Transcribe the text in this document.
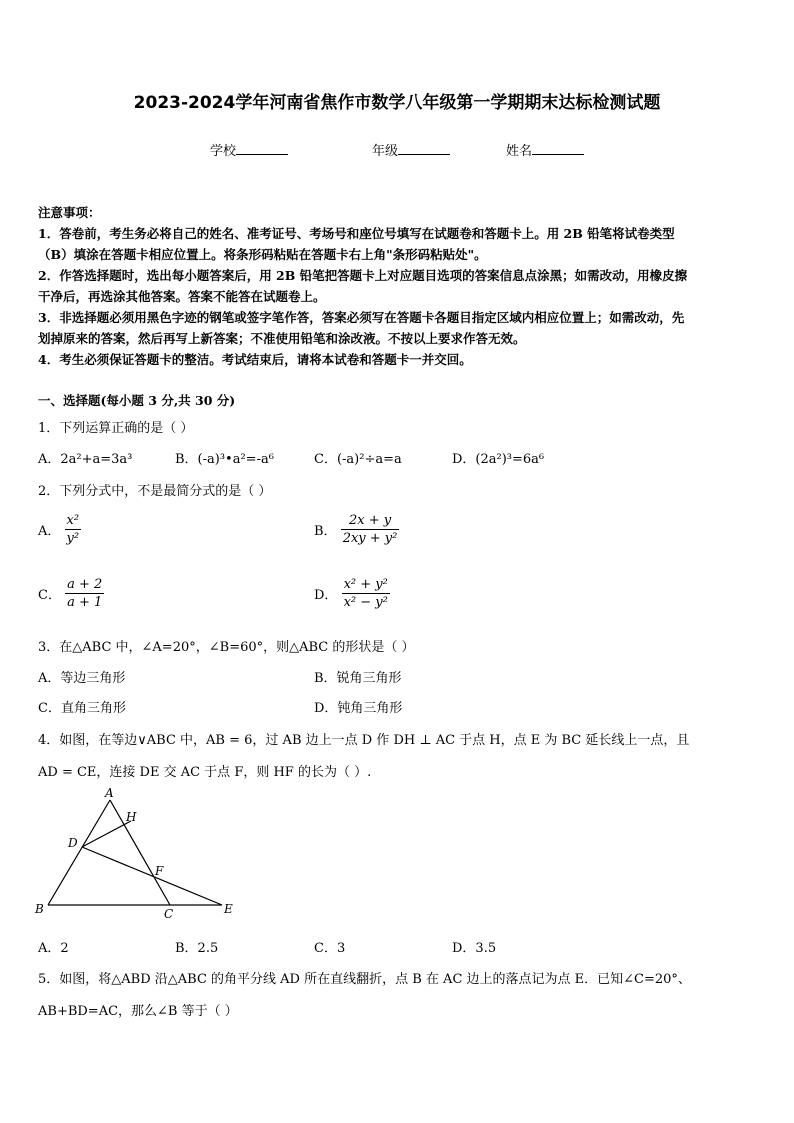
2023-2024学年河南省焦作市数学八年级第一学期期末达标检测试题
学校	年级	姓名
注意事项：
1．答卷前，考生务必将自己的姓名、准考证号、考场号和座位号填写在试题卷和答题卡上。用 2B 铅笔将试卷类型
（B）填涂在答题卡相应位置上。将条形码粘贴在答题卡右上角"条形码粘贴处"。
2．作答选择题时，选出每小题答案后，用 2B 铅笔把答题卡上对应题目选项的答案信息点涂黑；如需改动，用橡皮擦
干净后，再选涂其他答案。答案不能答在试题卷上。
3．非选择题必须用黑色字迹的钢笔或签字笔作答，答案必须写在答题卡各题目指定区域内相应位置上；如需改动，先
划掉原来的答案，然后再写上新答案；不准使用铅笔和涂改液。不按以上要求作答无效。
4．考生必须保证答题卡的整洁。考试结束后，请将本试卷和答题卡一并交回。
一、选择题(每小题 3 分,共 30 分)
1．下列运算正确的是（ ）
A．2a²+a=3a³	B．(-a)³•a²=-a⁶	C．(-a)²÷a=a	D．(2a²)³=6a⁶
2．下列分式中，不是最简分式的是（ ）
A． $\frac{\text{x²}}{\text{y²}}$	B． $\frac{2x + y}{\text{2xy + y²}}$
C． $\frac{a + 2}{a + 1}$	D． $\frac{\text{x² + y²}}{\text{x² − y²}}$
3．在△ABC 中，∠A=20°，∠B=60°，则△ABC 的形状是（ ）
A．等边三角形	B．锐角三角形
C．直角三角形	D．钝角三角形
4．如图，在等边∨ABC 中，AB = 6，过 AB 边上一点 D 作 DH ⊥ AC 于点 H，点 E 为 BC 延长线上一点，且
AD = CE，连接 DE 交 AC 于点 F，则 HF 的长为（ ）.
A
B	C
D
E
F
H
A．2	B．2.5	C．3	D．3.5
5．如图，将△ABD 沿△ABC 的角平分线 AD 所在直线翻折，点 B 在 AC 边上的落点记为点 E．已知∠C=20°、
AB+BD=AC，那么∠B 等于（ ）
